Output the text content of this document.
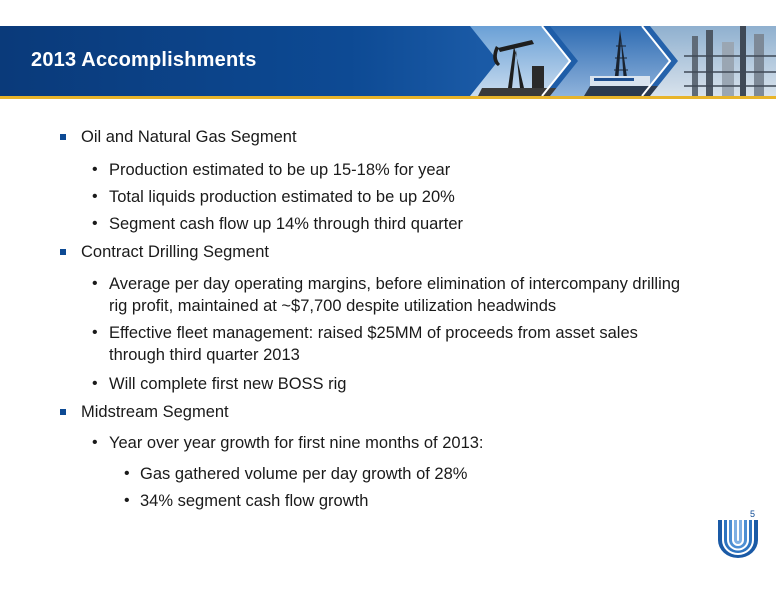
2013 Accomplishments
Oil and Natural Gas Segment
• Production estimated to be up 15-18% for year
• Total liquids production estimated to be up 20%
• Segment cash flow up 14% through third quarter
Contract Drilling Segment
• Average per day operating margins, before elimination of intercompany drilling
rig profit, maintained at ~$7,700 despite utilization headwinds
• Effective fleet management: raised $25MM of proceeds from asset sales
through third quarter 2013
• Will complete first new BOSS rig
Midstream Segment
• Year over year growth for first nine months of 2013:
• Gas gathered volume per day growth of 28%
• 34% segment cash flow growth
5
